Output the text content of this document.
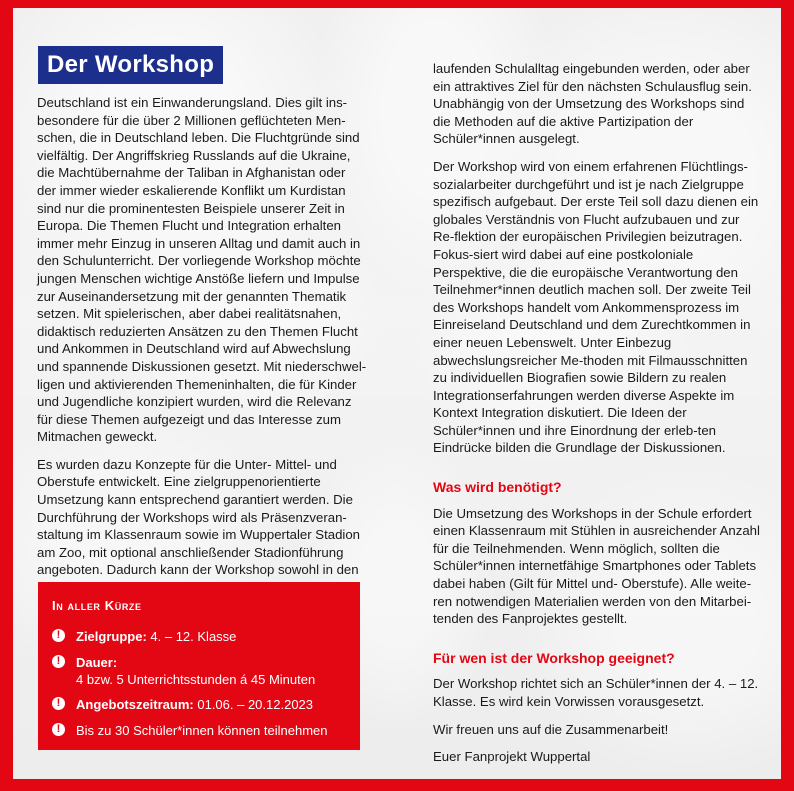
Der Workshop

Deutschland ist ein Einwanderungsland. Dies gilt ins-besondere für die über 2 Millionen geflüchteten Men-schen, die in Deutschland leben. Die Fluchtgründe sind vielfältig. Der Angriffskrieg Russlands auf die Ukraine, die Machtübernahme der Taliban in Afghanistan oder der immer wieder eskalierende Konflikt um Kurdistan sind nur die prominentesten Beispiele unserer Zeit in Europa. Die Themen Flucht und Integration erhalten immer mehr Einzug in unseren Alltag und damit auch in den Schulunterricht. Der vorliegende Workshop möchte jungen Menschen wichtige Anstöße liefern und Impulse zur Auseinandersetzung mit der genannten Thematik setzen. Mit spielerischen, aber dabei realitätsnahen, didaktisch reduzierten Ansätzen zu den Themen Flucht und Ankommen in Deutschland wird auf Abwechslung und spannende Diskussionen gesetzt. Mit niederschwel-ligen und aktivierenden Themeninhalten, die für Kinder und Jugendliche konzipiert wurden, wird die Relevanz für diese Themen aufgezeigt und das Interesse zum Mitmachen geweckt.

Es wurden dazu Konzepte für die Unter- Mittel- und Oberstufe entwickelt. Eine zielgruppenorientierte Umsetzung kann entsprechend garantiert werden. Die Durchführung der Workshops wird als Präsenzveran-staltung im Klassenraum sowie im Wuppertaler Stadion am Zoo, mit optional anschließender Stadionführung angeboten. Dadurch kann der Workshop sowohl in den

laufenden Schulalltag eingebunden werden, oder aber ein attraktives Ziel für den nächsten Schulausflug sein. Unabhängig von der Umsetzung des Workshops sind die Methoden auf die aktive Partizipation der Schüler*innen ausgelegt.

Der Workshop wird von einem erfahrenen Flüchtlings-sozialarbeiter durchgeführt und ist je nach Zielgruppe spezifisch aufgebaut. Der erste Teil soll dazu dienen ein globales Verständnis von Flucht aufzubauen und zur Re-flektion der europäischen Privilegien beizutragen. Fokus-siert wird dabei auf eine postkoloniale Perspektive, die die europäische Verantwortung den Teilnehmer*innen deutlich machen soll. Der zweite Teil des Workshops handelt vom Ankommensprozess im Einreiseland Deutschland und dem Zurechtkommen in einer neuen Lebenswelt. Unter Einbezug abwechslungsreicher Me-thoden mit Filmausschnitten zu individuellen Biografien sowie Bildern zu realen Integrationserfahrungen werden diverse Aspekte im Kontext Integration diskutiert. Die Ideen der Schüler*innen und ihre Einordnung der erleb-ten Eindrücke bilden die Grundlage der Diskussionen.

Was wird benötigt?

Die Umsetzung des Workshops in der Schule erfordert einen Klassenraum mit Stühlen in ausreichender Anzahl für die Teilnehmenden. Wenn möglich, sollten die Schüler*innen internetfähige Smartphones oder Tablets dabei haben (Gilt für Mittel und- Oberstufe). Alle weite-ren notwendigen Materialien werden von den Mitarbei-tenden des Fanprojektes gestellt.

Für wen ist der Workshop geeignet?

Der Workshop richtet sich an Schüler*innen der 4. – 12. Klasse. Es wird kein Vorwissen vorausgesetzt.

Wir freuen uns auf die Zusammenarbeit!

Euer Fanprojekt Wuppertal

In aller Kürze
!	Zielgruppe: 4. – 12. Klasse
!	Dauer:
4 bzw. 5 Unterrichtsstunden á 45 Minuten
!	Angebotszeitraum: 01.06. – 20.12.2023
!	Bis zu 30 Schüler*innen können teilnehmen
